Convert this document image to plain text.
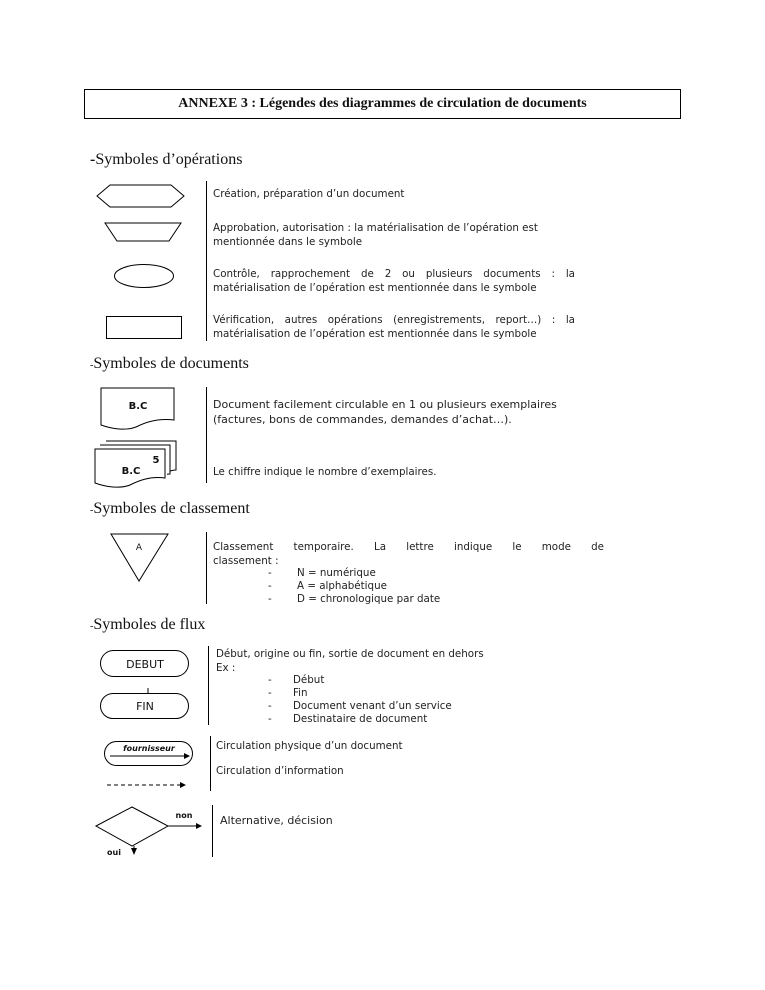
ANNEXE 3 : Légendes des diagrammes de circulation de documents
-Symboles d’opérations
Création, préparation d’un document
Approbation, autorisation : la matérialisation de l’opération est
mentionnée dans le symbole
Contrôle, rapprochement de 2 ou plusieurs documents : la
matérialisation de l’opération est mentionnée dans le symbole
Vérification, autres opérations (enregistrements, report…) : la
matérialisation de l’opération est mentionnée dans le symbole
-Symboles de documents
B.C	Document facilement circulable en 1 ou plusieurs exemplaires
(factures, bons de commandes, demandes d’achat…).
5
B.C	Le chiffre indique le nombre d’exemplaires.
-Symboles de classement
A	Classement temporaire. La lettre indique le mode de
classement :
- N = numérique
- A = alphabétique
- D = chronologique par date
-Symboles de flux
DEBUT
FIN
Début, origine ou fin, sortie de document en dehors
Ex :
- Début
- Fin
- Document venant d’un service
- Destinataire de document
fournisseur	Circulation physique d’un document
Circulation d’information
non
oui
Alternative, décision
